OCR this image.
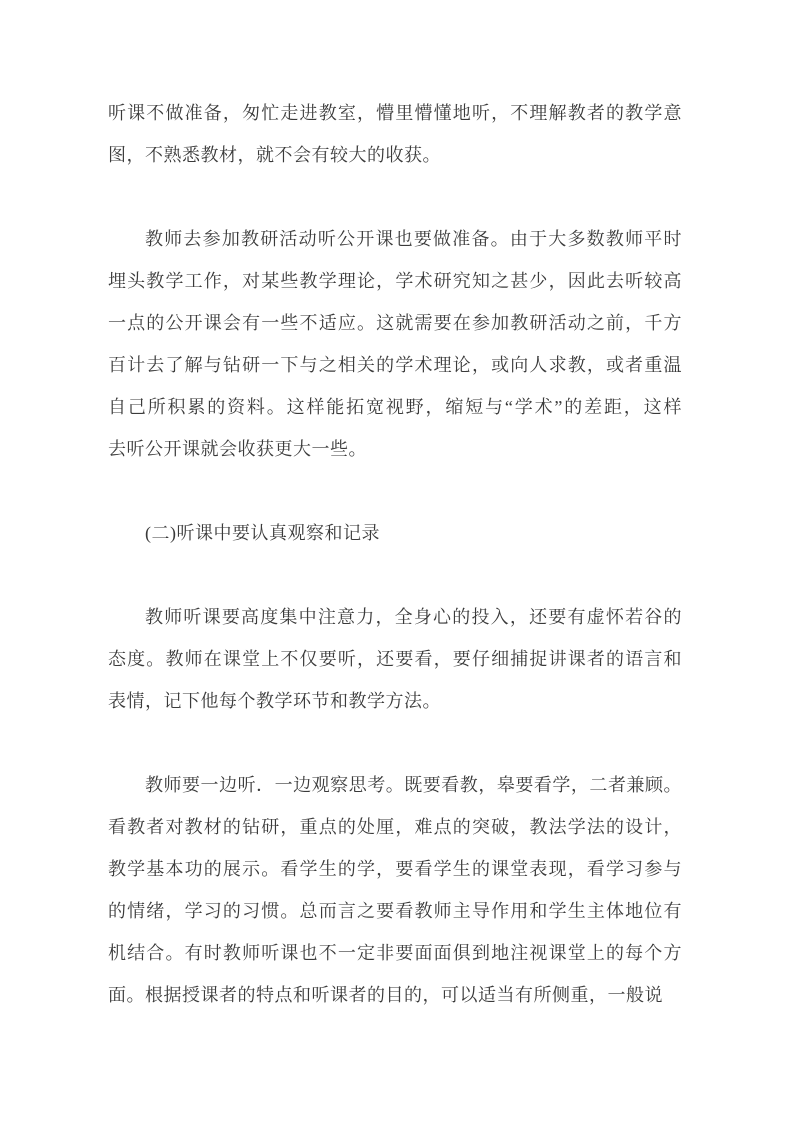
听课不做准备，匆忙走进教室，懵里懵懂地听，不理解教者的教学意
图，不熟悉教材，就不会有较大的收获。
教师去参加教研活动听公开课也要做准备。由于大多数教师平时
埋头教学工作，对某些教学理论，学术研究知之甚少，因此去听较高
一点的公开课会有一些不适应。这就需要在参加教研活动之前，千方
百计去了解与钻研一下与之相关的学术理论，或向人求教，或者重温
自己所积累的资料。这样能拓宽视野，缩短与“学术”的差距，这样
去听公开课就会收获更大一些。
(二)听课中要认真观察和记录
教师听课要高度集中注意力，全身心的投入，还要有虚怀若谷的
态度。教师在课堂上不仅要听，还要看，要仔细捕捉讲课者的语言和
表情，记下他每个教学环节和教学方法。
教师要一边听．一边观察思考。既要看教，皋要看学，二者兼顾。
看教者对教材的钻研，重点的处厘，难点的突破，教法学法的设计，
教学基本功的展示。看学生的学，要看学生的课堂表现，看学习参与
的情绪，学习的习惯。总而言之要看教师主导作用和学生主体地位有
机结合。有时教师听课也不一定非要面面俱到地注视课堂上的每个方
面。根据授课者的特点和听课者的目的，可以适当有所侧重，一般说
